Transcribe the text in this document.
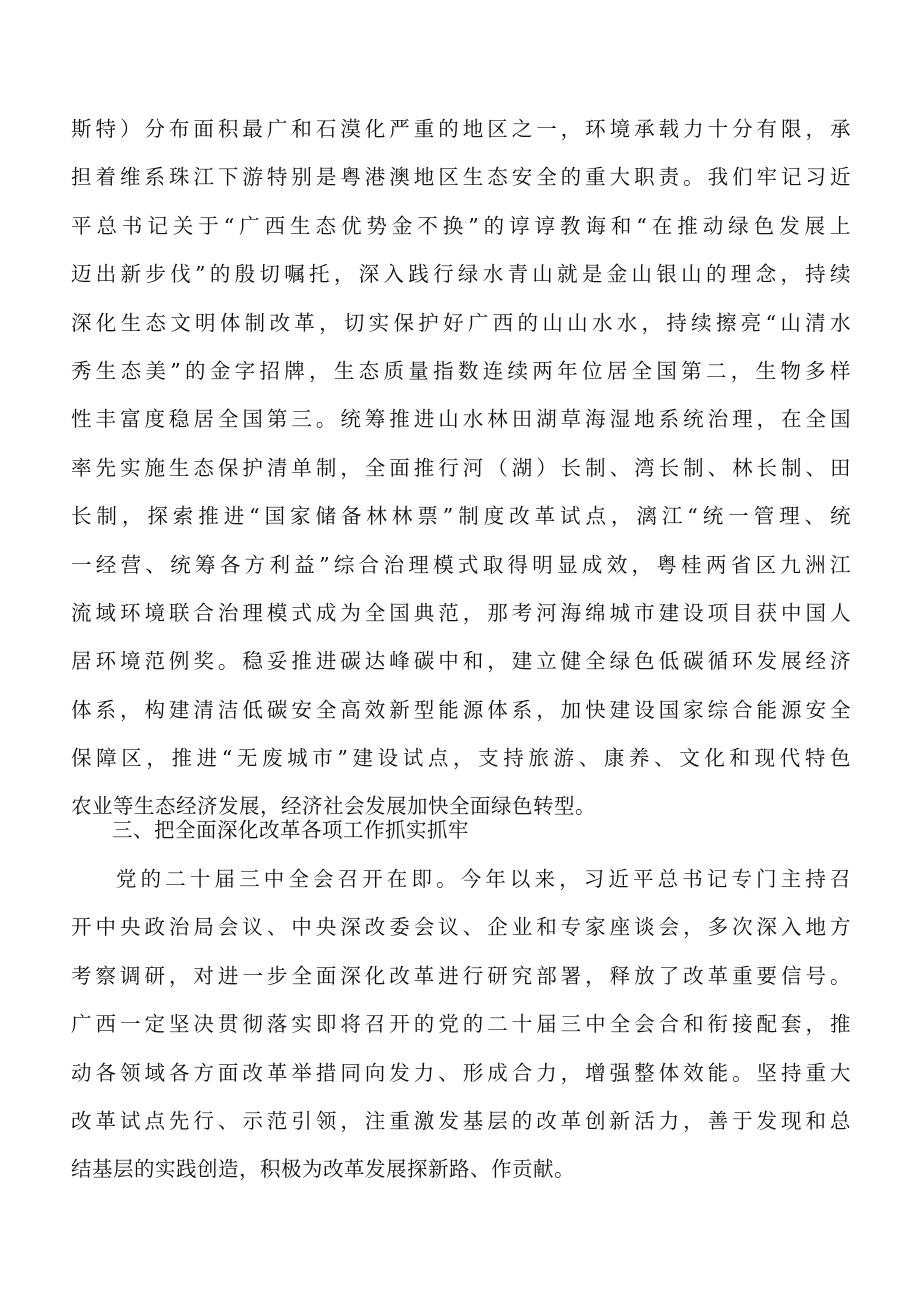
斯特）分布面积最广和石漠化严重的地区之一，环境承载力十分有限，承
担着维系珠江下游特别是粤港澳地区生态安全的重大职责。我们牢记习近
平总书记关于“广西生态优势金不换”的谆谆教诲和“在推动绿色发展上
迈出新步伐”的殷切嘱托，深入践行绿水青山就是金山银山的理念，持续
深化生态文明体制改革，切实保护好广西的山山水水，持续擦亮“山清水
秀生态美”的金字招牌，生态质量指数连续两年位居全国第二，生物多样
性丰富度稳居全国第三。统筹推进山水林田湖草海湿地系统治理，在全国
率先实施生态保护清单制，全面推行河（湖）长制、湾长制、林长制、田
长制，探索推进“国家储备林林票”制度改革试点，漓江“统一管理、统
一经营、统筹各方利益”综合治理模式取得明显成效，粤桂两省区九洲江
流域环境联合治理模式成为全国典范，那考河海绵城市建设项目获中国人
居环境范例奖。稳妥推进碳达峰碳中和，建立健全绿色低碳循环发展经济
体系，构建清洁低碳安全高效新型能源体系，加快建设国家综合能源安全
保障区，推进“无废城市”建设试点，支持旅游、康养、文化和现代特色
农业等生态经济发展，经济社会发展加快全面绿色转型。
三、把全面深化改革各项工作抓实抓牢
党的二十届三中全会召开在即。今年以来，习近平总书记专门主持召
开中央政治局会议、中央深改委会议、企业和专家座谈会，多次深入地方
考察调研，对进一步全面深化改革进行研究部署，释放了改革重要信号。
广西一定坚决贯彻落实即将召开的党的二十届三中全会合和衔接配套，推
动各领域各方面改革举措同向发力、形成合力，增强整体效能。坚持重大
改革试点先行、示范引领，注重激发基层的改革创新活力，善于发现和总
结基层的实践创造，积极为改革发展探新路、作贡献。
